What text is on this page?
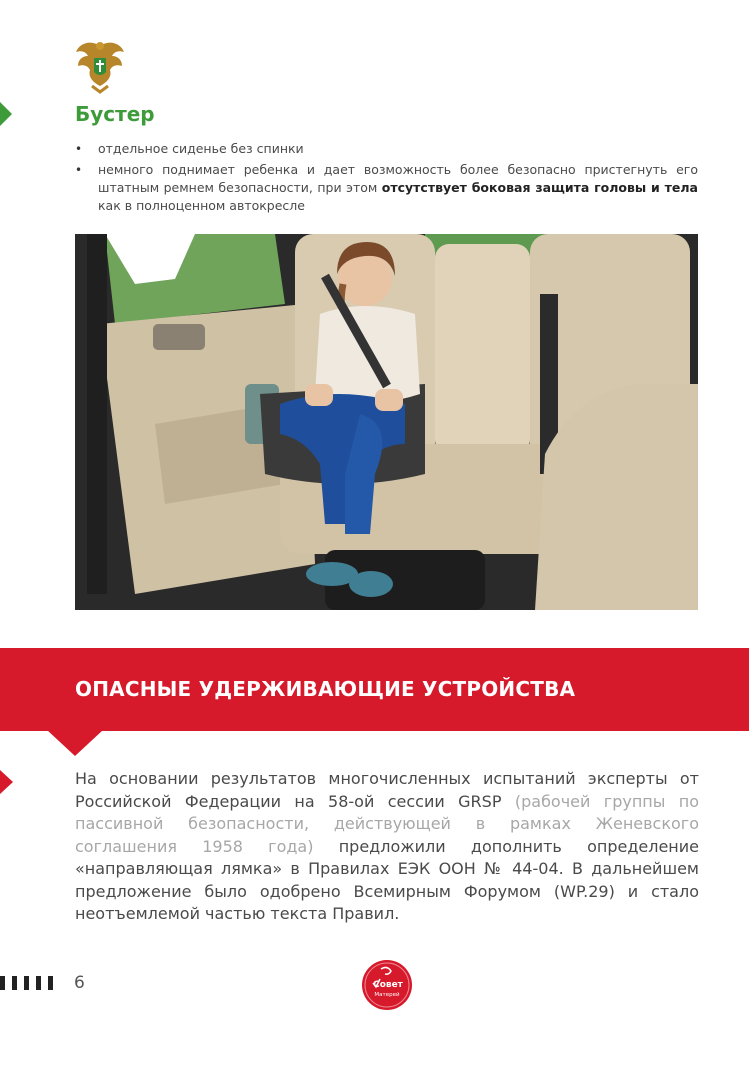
Бустер
• отдельное сиденье без спинки
• немного поднимает ребенка и дает возможность более безопасно пристегнуть его штатным ремнем безопасности, при этом отсутствует боковая защита головы и тела как в полноценном автокресле
ОПАСНЫЕ УДЕРЖИВАЮЩИЕ УСТРОЙСТВА

На основании результатов многочисленных испытаний эксперты от Российской Федерации на 58-ой сессии GRSP (рабочей группы по пассивной безопасности, действующей в рамках Женевского соглашения 1958 года) предложили дополнить определение «направляющая лямка» в Правилах ЕЭК ООН № 44-04. В дальнейшем предложение было одобрено Всемирным Форумом (WP.29) и стало неотъемлемой частью текста Правил.

6	Совет
Матерей
